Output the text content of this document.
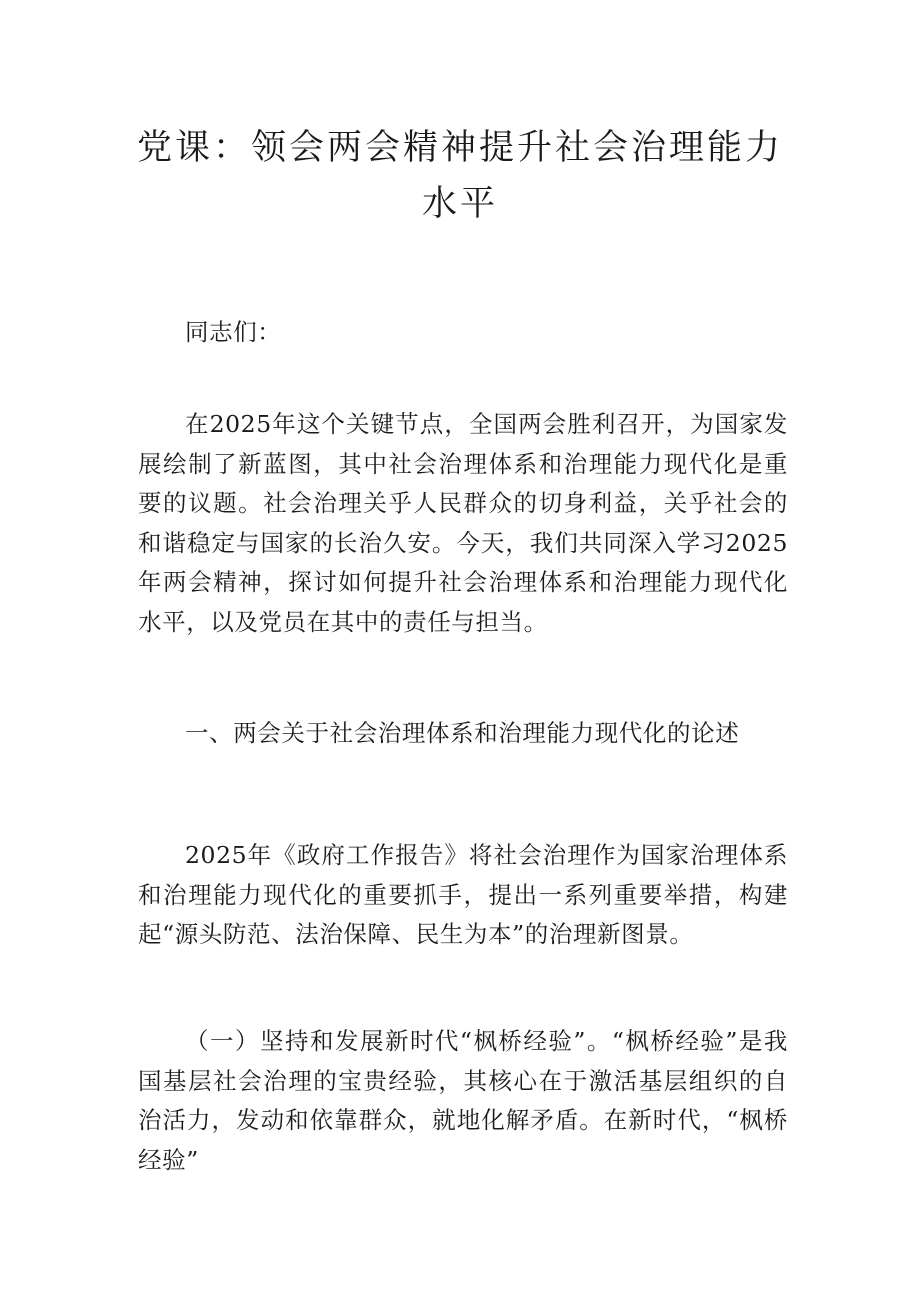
党课：领会两会精神提升社会治理能力水平

同志们：

在2025年这个关键节点，全国两会胜利召开，为国家发展绘制了新蓝图，其中社会治理体系和治理能力现代化是重要的议题。社会治理关乎人民群众的切身利益，关乎社会的和谐稳定与国家的长治久安。今天，我们共同深入学习2025年两会精神，探讨如何提升社会治理体系和治理能力现代化水平，以及党员在其中的责任与担当。

一、两会关于社会治理体系和治理能力现代化的论述

2025年《政府工作报告》将社会治理作为国家治理体系和治理能力现代化的重要抓手，提出一系列重要举措，构建起“源头防范、法治保障、民生为本”的治理新图景。

（一）坚持和发展新时代“枫桥经验”。“枫桥经验”是我国基层社会治理的宝贵经验，其核心在于激活基层组织的自治活力，发动和依靠群众，就地化解矛盾。在新时代，“枫桥经验”
